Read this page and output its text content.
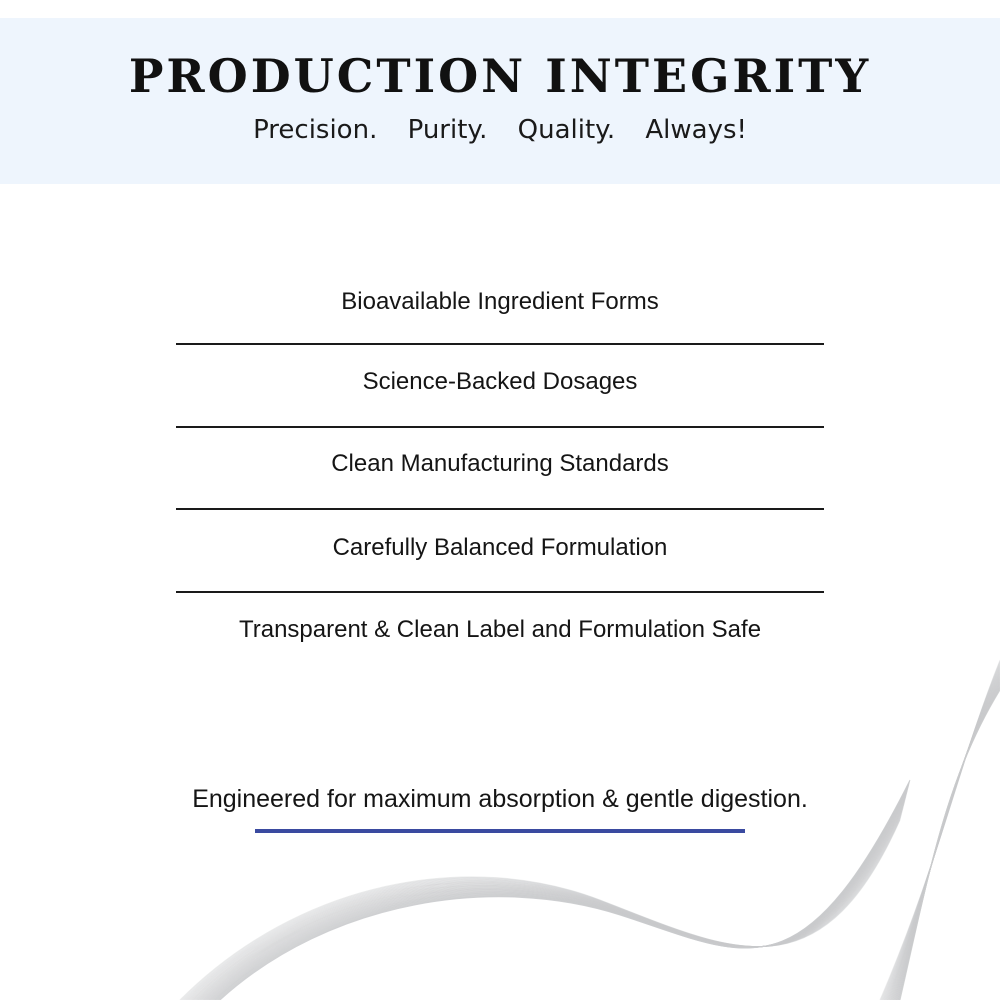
PRODUCTION INTEGRITY
Precision. Purity. Quality. Always!
Bioavailable Ingredient Forms
Science-Backed Dosages
Clean Manufacturing Standards
Carefully Balanced Formulation
Transparent & Clean Label and Formulation Safe
Engineered for maximum absorption & gentle digestion.
